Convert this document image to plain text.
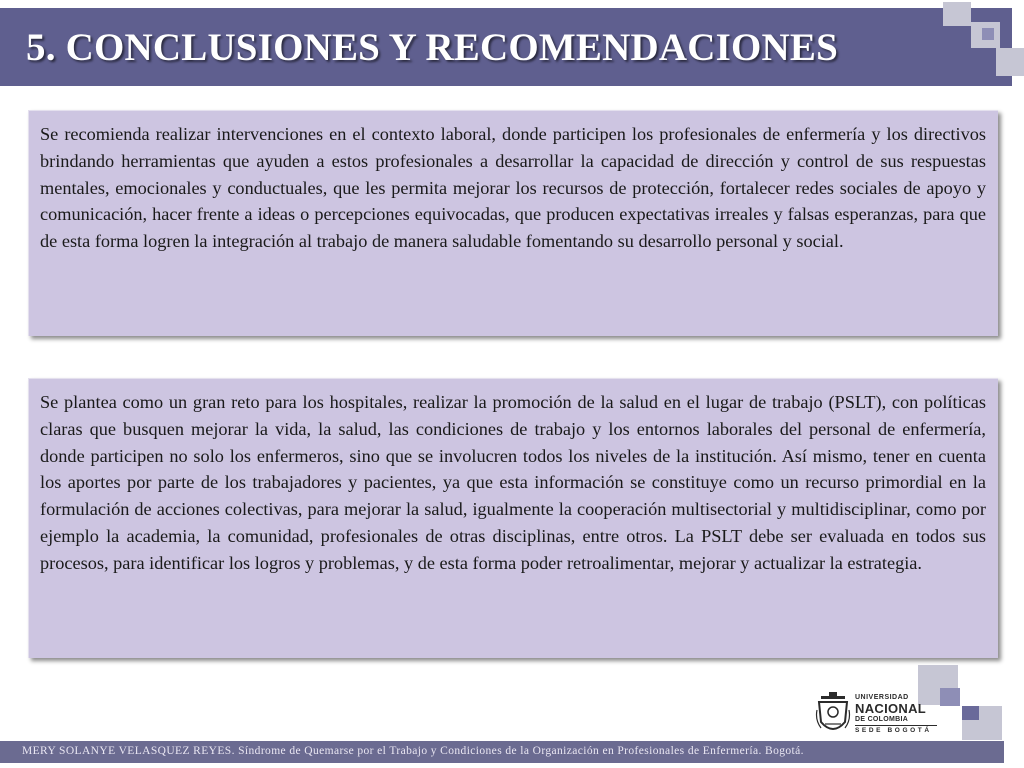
5. CONCLUSIONES Y RECOMENDACIONES

Se recomienda realizar intervenciones en el contexto laboral, donde participen los profesionales de enfermería y los directivos brindando herramientas que ayuden a estos profesionales a desarrollar la capacidad de dirección y control de sus respuestas mentales, emocionales y conductuales, que les permita mejorar los recursos de protección, fortalecer redes sociales de apoyo y comunicación, hacer frente a ideas o percepciones equivocadas, que producen expectativas irreales y falsas esperanzas, para que de esta forma logren la integración al trabajo de manera saludable fomentando su desarrollo personal y social.

Se plantea como un gran reto para los hospitales, realizar la promoción de la salud en el lugar de trabajo (PSLT), con políticas claras que busquen mejorar la vida, la salud, las condiciones de trabajo y los entornos laborales del personal de enfermería, donde participen no solo los enfermeros, sino que se involucren todos los niveles de la institución. Así mismo, tener en cuenta los aportes por parte de los trabajadores y pacientes, ya que esta información se constituye como un recurso primordial en la formulación de acciones colectivas, para mejorar la salud, igualmente la cooperación multisectorial y multidisciplinar, como por ejemplo la academia, la comunidad, profesionales de otras disciplinas, entre otros. La PSLT debe ser evaluada en todos sus procesos, para identificar los logros y problemas, y de esta forma poder retroalimentar, mejorar y actualizar la estrategia.

UNIVERSIDAD
NACIONAL
DE COLOMBIA
SEDE BOGOTÁ
MERY SOLANYE VELASQUEZ REYES. Síndrome de Quemarse por el Trabajo y Condiciones de la Organización en Profesionales de Enfermería. Bogotá.
